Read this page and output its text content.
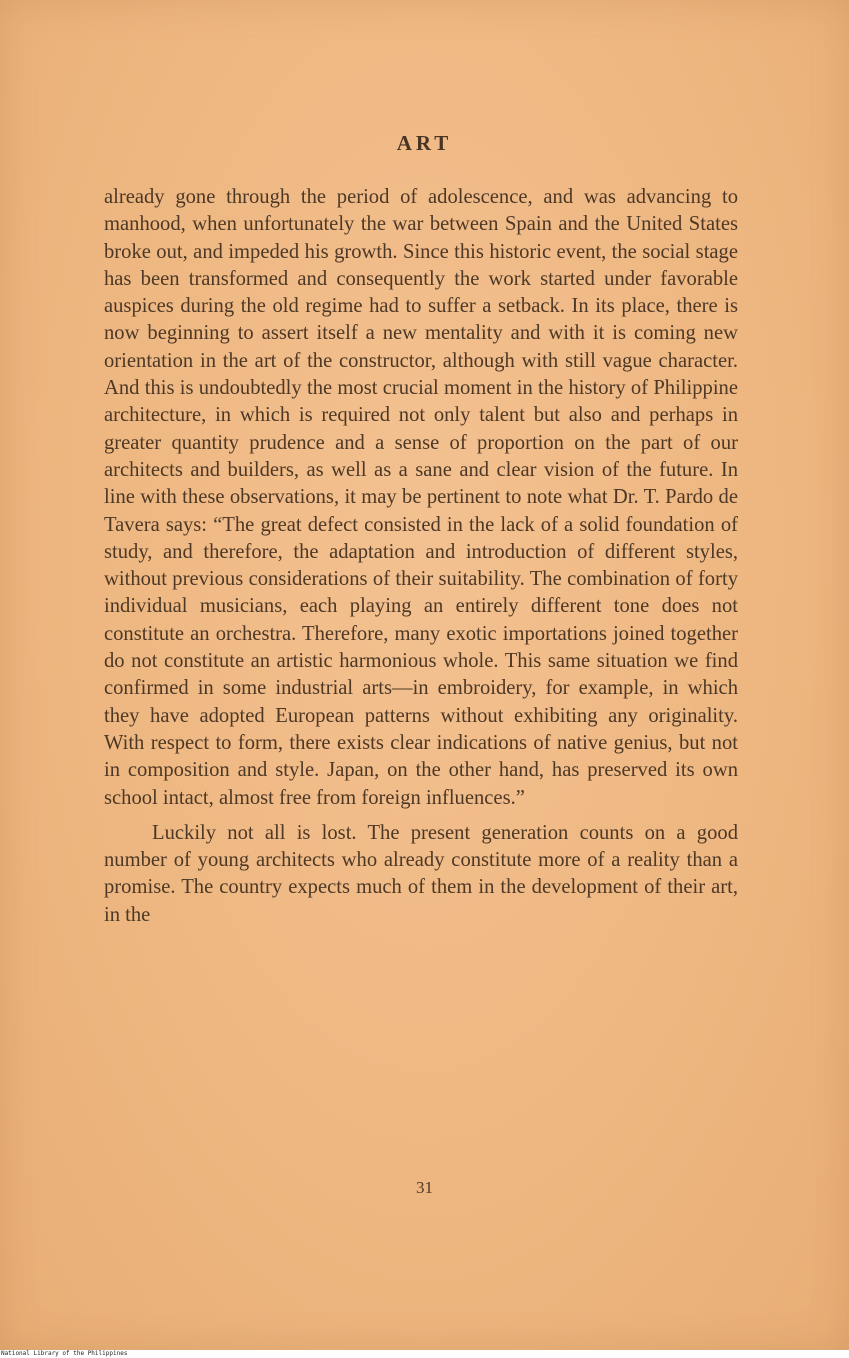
ART

already gone through the period of adolescence, and was advancing to manhood, when unfortunately the war between Spain and the United States broke out, and impeded his growth. Since this historic event, the social stage has been transformed and consequently the work started under favorable auspices during the old regime had to suffer a setback. In its place, there is now beginning to assert itself a new mentality and with it is coming new orientation in the art of the constructor, although with still vague character. And this is undoubtedly the most crucial moment in the history of Philippine architecture, in which is required not only talent but also and perhaps in greater quantity prudence and a sense of proportion on the part of our architects and builders, as well as a sane and clear vision of the future. In line with these observations, it may be pertinent to note what Dr. T. Pardo de Tavera says: “The great defect consisted in the lack of a solid foundation of study, and therefore, the adaptation and introduction of different styles, without previous considerations of their suitability. The combination of forty individual musicians, each playing an entirely different tone does not constitute an orchestra. Therefore, many exotic importations joined together do not constitute an artistic harmonious whole. This same situation we find confirmed in some industrial arts—in embroidery, for example, in which they have adopted European patterns without exhibiting any originality. With respect to form, there exists clear indications of native genius, but not in composition and style. Japan, on the other hand, has preserved its own school intact, almost free from foreign influences.”

Luckily not all is lost. The present generation counts on a good number of young architects who already constitute more of a reality than a promise. The country expects much of them in the development of their art, in the

31
National Library of the Philippines
